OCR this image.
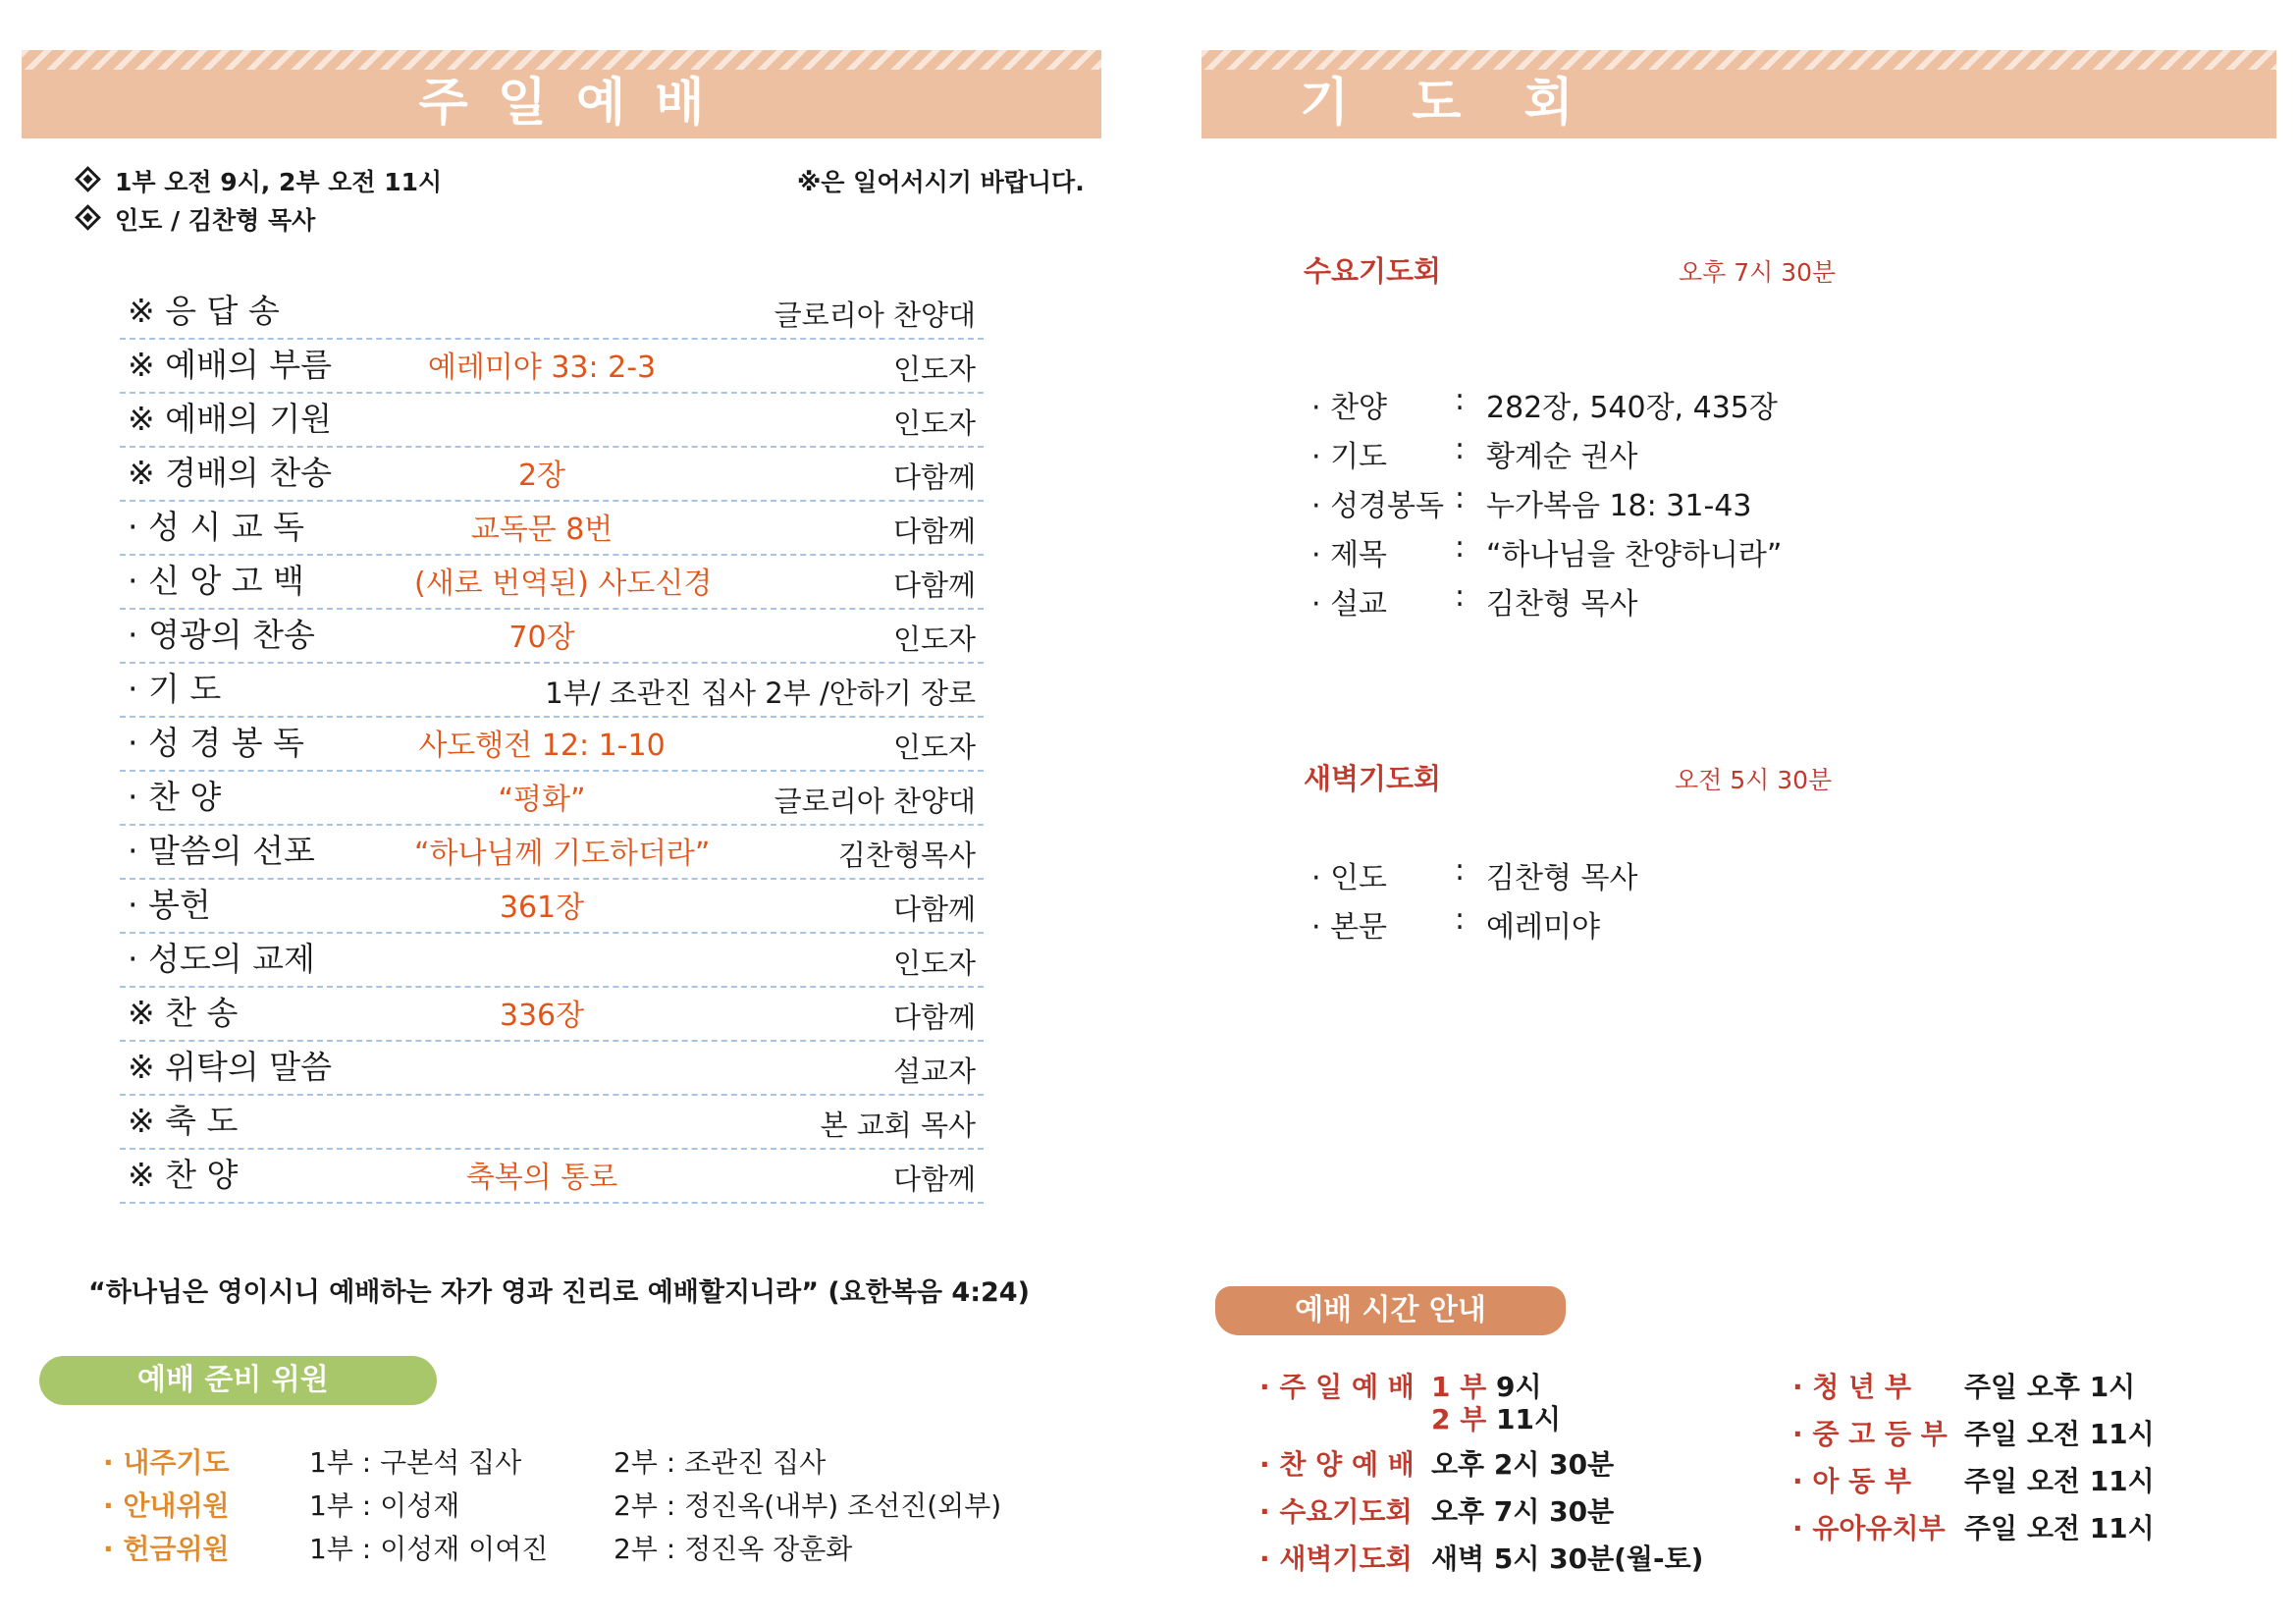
주일예배
1부 오전 9시, 2부 오전 11시
인도 / 김찬형 목사
※은 일어서시기 바랍니다.
※ 응 답 송	글로리아 찬양대
※ 예배의 부름	예레미야 33: 2-3	인도자
※ 예배의 기원	인도자
※ 경배의 찬송	2장	다함께
· 성 시 교 독	교독문 8번	다함께
· 신 앙 고 백	(새로 번역된) 사도신경	다함께
· 영광의 찬송	70장	인도자
· 기 도	1부/ 조관진 집사 2부 /안하기 장로
· 성 경 봉 독	사도행전 12: 1-10	인도자
· 찬 양	“평화”	글로리아 찬양대
· 말씀의 선포	“하나님께 기도하더라”	김찬형목사
· 봉헌	361장	다함께
· 성도의 교제	인도자
※ 찬 송	336장	다함께
※ 위탁의 말씀	설교자
※ 축 도	본 교회 목사
※ 찬 양	축복의 통로	다함께
“하나님은 영이시니 예배하는 자가 영과 진리로 예배할지니라” (요한복음 4:24)
예배 준비 위원
· 내주기도	1부 : 구본석 집사	2부 : 조관진 집사
· 안내위원	1부 : 이성재	2부 : 정진옥(내부) 조선진(외부)
· 헌금위원	1부 : 이성재 이여진 2부 : 정진옥 장훈화
기도회
수요기도회	오후 7시 30분
· 찬양	: 282장, 540장, 435장
· 기도	: 황계순 권사
· 성경봉독 : 누가복음 18: 31-43
· 제목	: “하나님을 찬양하니라”
· 설교	: 김찬형 목사
새벽기도회	오전 5시 30분
· 인도	: 김찬형 목사
· 본문	: 예레미야
예배 시간 안내
· 주 일 예 배 1 부 9시
2 부 11시
· 찬 양 예 배 오후 2시 30분
· 수요기도회 오후 7시 30분
· 새벽기도회 새벽 5시 30분(월-토)
· 청 년 부 주일 오후 1시
· 중 고 등 부 주일 오전 11시
· 아 동 부 주일 오전 11시
· 유아유치부 주일 오전 11시
